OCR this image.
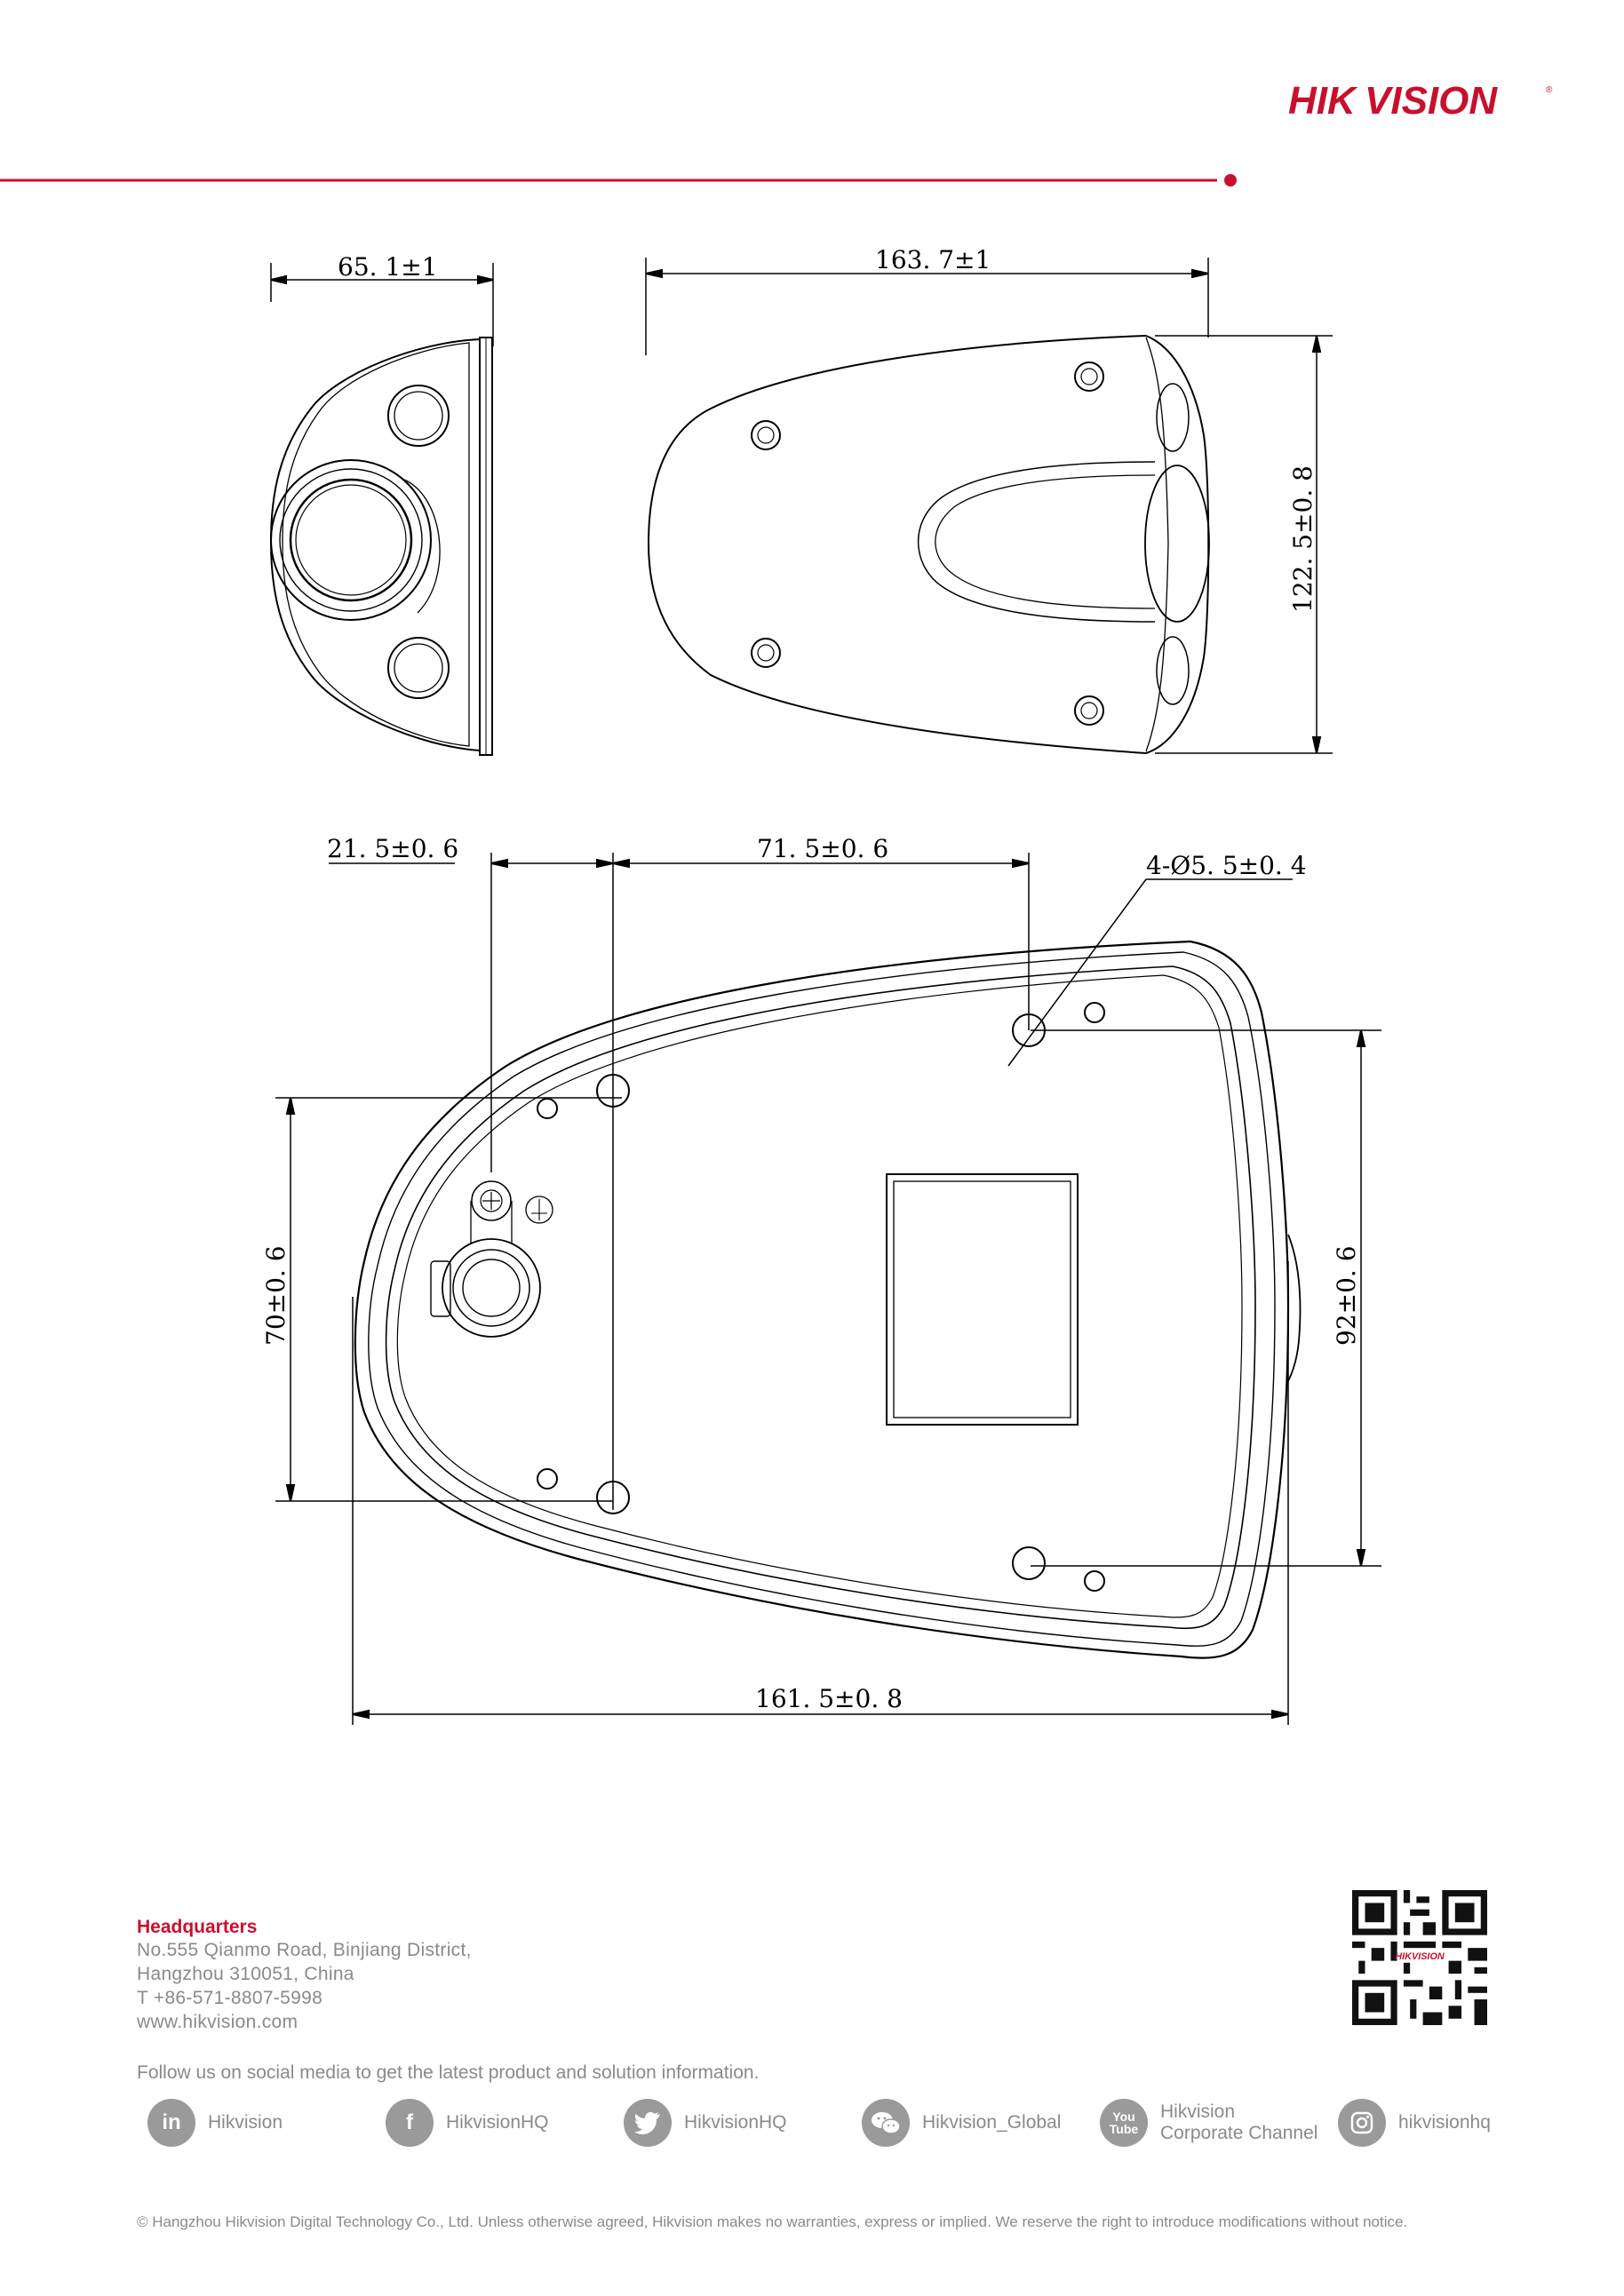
HIK VISION	®
65. 1±1	163. 7±1
122. 5±0. 8
21. 5±0. 6	71. 5±0. 6
4-Ø5. 5±0. 4
70±0. 6	92±0. 6
161. 5±0. 8
Headquarters
No.555 Qianmo Road, Binjiang District,
Hangzhou 310051, China
T +86-571-8807-5998
www.hikvision.com
HIKVISION
Follow us on social media to get the latest product and solution information.
in	Hikvision	f	HikvisionHQ	HikvisionHQ	Hikvision_Global	You
Tube
Hikvision
Corporate Channel
hikvisionhq
© Hangzhou Hikvision Digital Technology Co., Ltd. Unless otherwise agreed, Hikvision makes no warranties, express or implied. We reserve the right to introduce modifications without notice.
